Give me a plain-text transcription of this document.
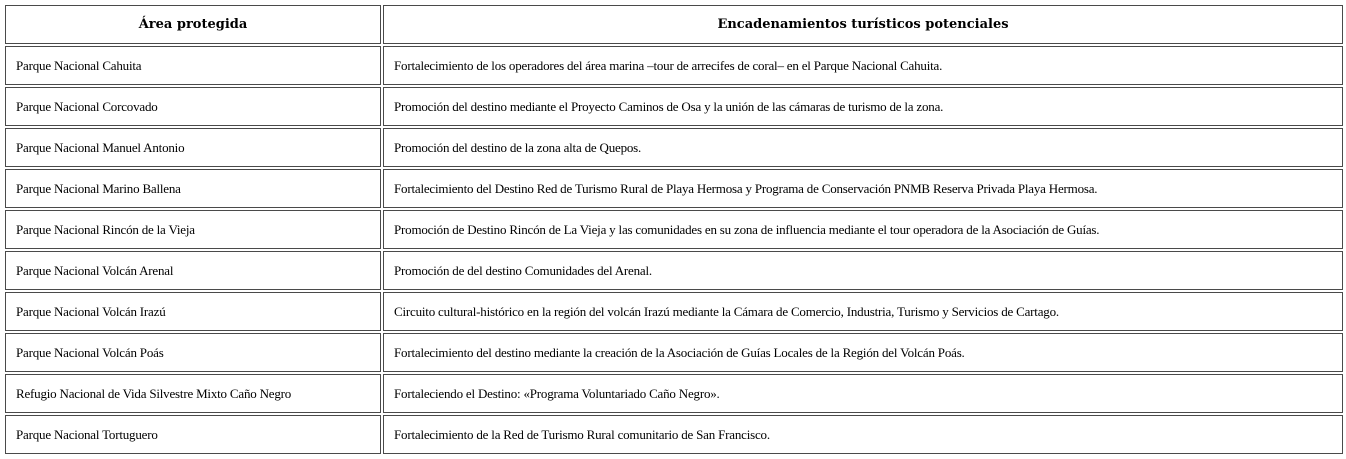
Área protegida	Encadenamientos turísticos potenciales
Parque Nacional Cahuita	Fortalecimiento de los operadores del área marina –tour de arrecifes de coral– en el Parque Nacional Cahuita.
Parque Nacional Corcovado	Promoción del destino mediante el Proyecto Caminos de Osa y la unión de las cámaras de turismo de la zona.
Parque Nacional Manuel Antonio	Promoción del destino de la zona alta de Quepos.
Parque Nacional Marino Ballena	Fortalecimiento del Destino Red de Turismo Rural de Playa Hermosa y Programa de Conservación PNMB Reserva Privada Playa Hermosa.
Parque Nacional Rincón de la Vieja	Promoción de Destino Rincón de La Vieja y las comunidades en su zona de influencia mediante el tour operadora de la Asociación de Guías.
Parque Nacional Volcán Arenal	Promoción de del destino Comunidades del Arenal.
Parque Nacional Volcán Irazú	Circuito cultural-histórico en la región del volcán Irazú mediante la Cámara de Comercio, Industria, Turismo y Servicios de Cartago.
Parque Nacional Volcán Poás	Fortalecimiento del destino mediante la creación de la Asociación de Guías Locales de la Región del Volcán Poás.
Refugio Nacional de Vida Silvestre Mixto Caño Negro	Fortaleciendo el Destino: «Programa Voluntariado Caño Negro».
Parque Nacional Tortuguero	Fortalecimiento de la Red de Turismo Rural comunitario de San Francisco.
